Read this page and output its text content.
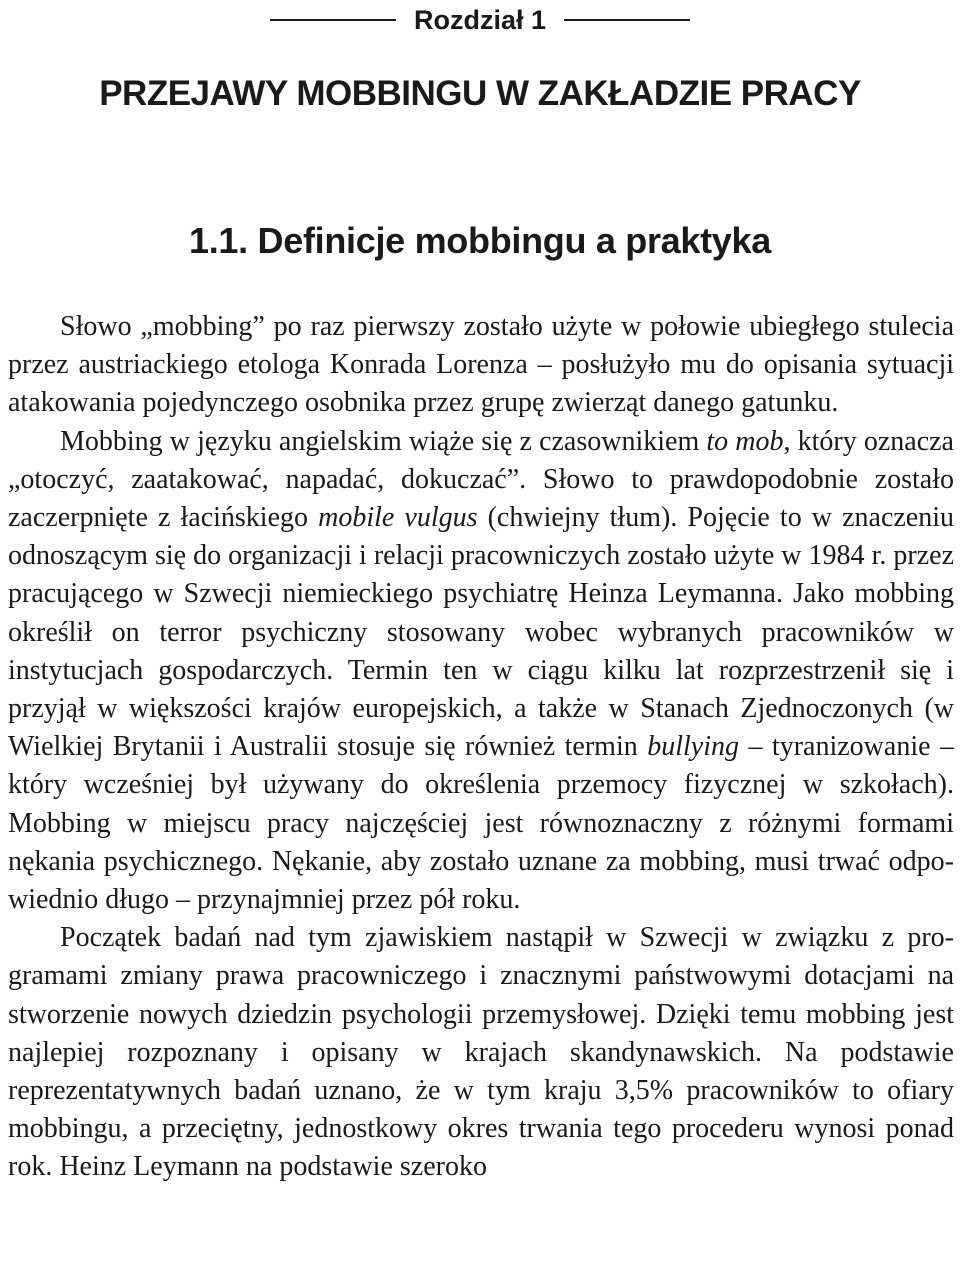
Rozdział 1
PRZEJAWY MOBBINGU W ZAKŁADZIE PRACY
1.1. Definicje mobbingu a praktyka

Słowo „mobbing” po raz pierwszy zostało użyte w połowie ubiegłego stulecia przez austriackiego etologa Konrada Lorenza – posłużyło mu do opisania sytuacji atakowania pojedynczego osobnika przez grupę zwierząt danego gatunku.

Mobbing w języku angielskim wiąże się z czasownikiem to mob, który oznacza „otoczyć, zaatakować, napadać, dokuczać”. Słowo to prawdopodobnie zostało zaczerpnięte z łacińskiego mobile vulgus (chwiejny tłum). Pojęcie to w znaczeniu odnoszącym się do organizacji i relacji pracowniczych zostało użyte w 1984 r. przez pracującego w Szwecji niemieckiego psychiatrę Heinza Leymanna. Jako mobbing określił on terror psychiczny stosowany wobec wybranych pracowników w instytucjach gospodarczych. Termin ten w ciągu kilku lat rozprzestrzenił się i przyjął w większości krajów europejskich, a także w Stanach Zjednoczonych (w Wielkiej Brytanii i Australii stosuje się również termin bullying – tyranizowanie – który wcześniej był używany do określenia przemocy fizycznej w szkołach). Mobbing w miejscu pracy najczęściej jest równoznaczny z różnymi formami nękania psychicznego. Nękanie, aby zostało uznane za mobbing, musi trwać odpowiednio długo – przynajmniej przez pół roku.

Początek badań nad tym zjawiskiem nastąpił w Szwecji w związku z programami zmiany prawa pracowniczego i znacznymi państwowymi dotacjami na stworzenie nowych dziedzin psychologii przemysłowej. Dzięki temu mobbing jest najlepiej rozpoznany i opisany w krajach skandynawskich. Na podstawie reprezentatywnych badań uznano, że w tym kraju 3,5% pracowników to ofiary mobbingu, a przeciętny, jednostkowy okres trwania tego procederu wynosi ponad rok. Heinz Leymann na podstawie szeroko
